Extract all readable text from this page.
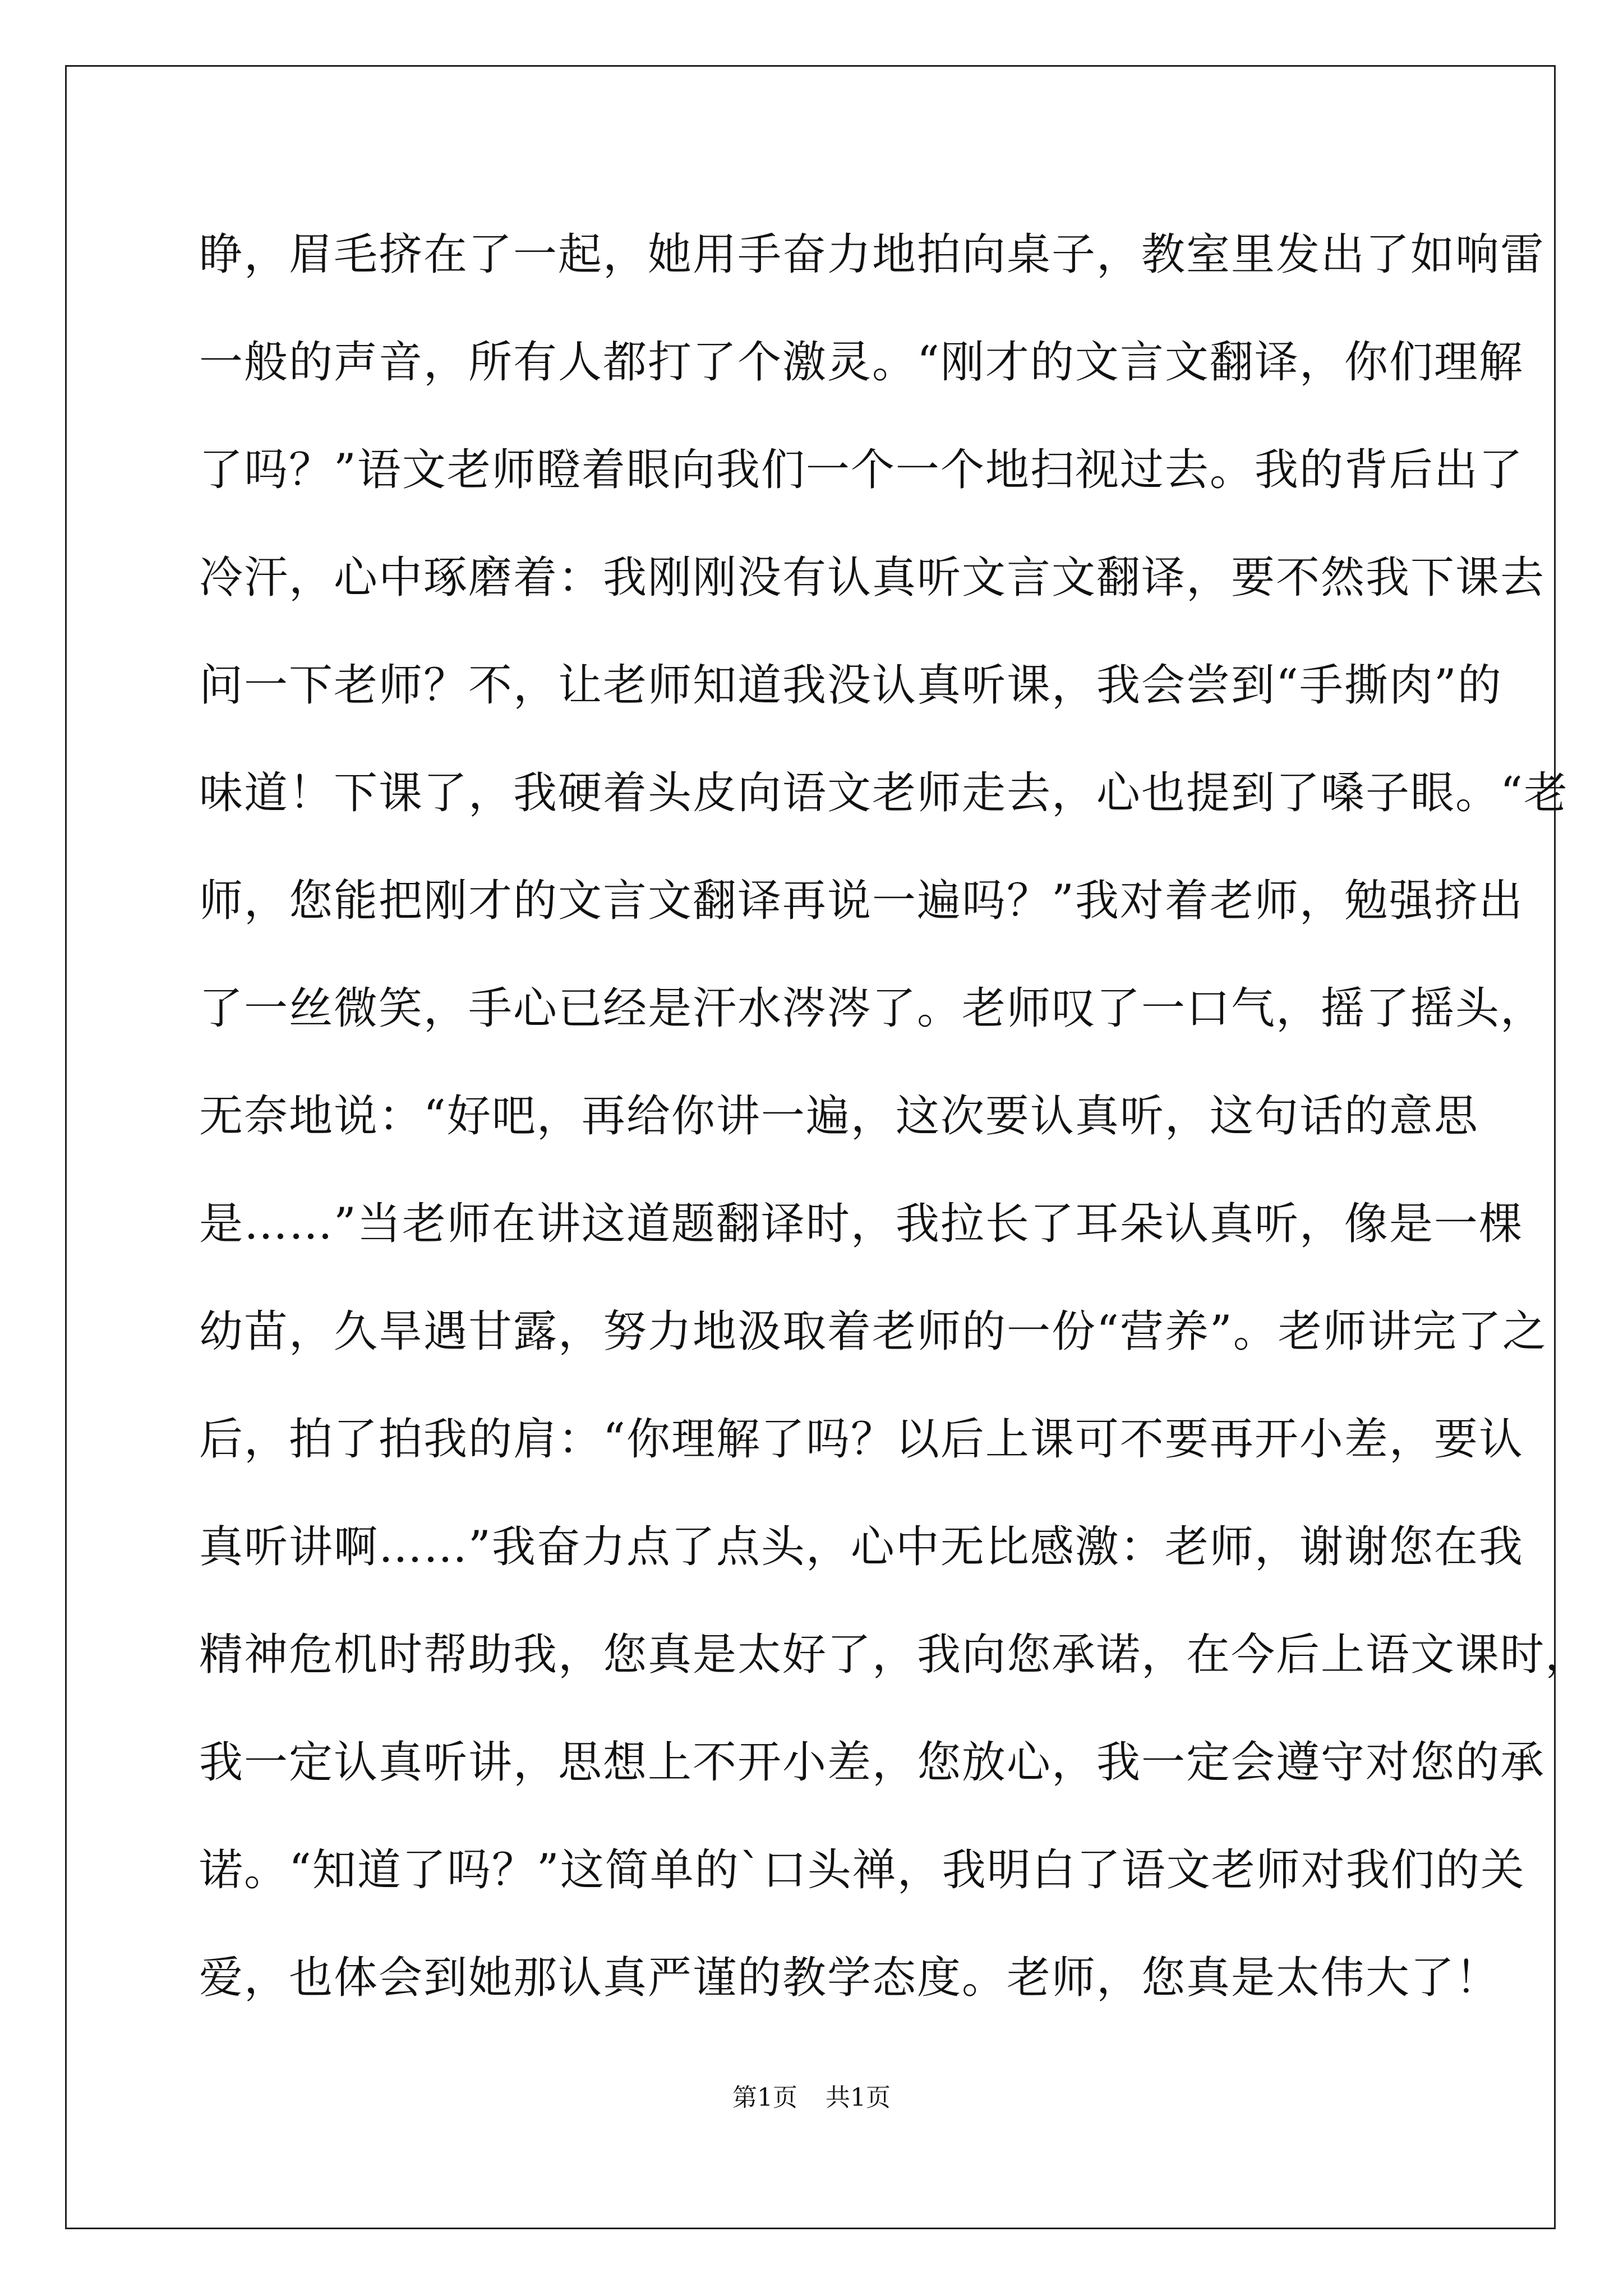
睁，眉毛挤在了一起，她用手奋力地拍向桌子，教室里发出了如响雷
一般的声音，所有人都打了个激灵。“刚才的文言文翻译，你们理解
了吗？”语文老师瞪着眼向我们一个一个地扫视过去。我的背后出了
冷汗，心中琢磨着：我刚刚没有认真听文言文翻译，要不然我下课去
问一下老师？不，让老师知道我没认真听课，我会尝到“手撕肉”的
味道！下课了，我硬着头皮向语文老师走去，心也提到了嗓子眼。“老
师，您能把刚才的文言文翻译再说一遍吗？”我对着老师，勉强挤出
了一丝微笑，手心已经是汗水涔涔了。老师叹了一口气，摇了摇头，
无奈地说：“好吧，再给你讲一遍，这次要认真听，这句话的意思
是……”当老师在讲这道题翻译时，我拉长了耳朵认真听，像是一棵
幼苗，久旱遇甘露，努力地汲取着老师的一份“营养”。老师讲完了之
后，拍了拍我的肩：“你理解了吗？以后上课可不要再开小差，要认
真听讲啊……”我奋力点了点头，心中无比感激：老师，谢谢您在我
精神危机时帮助我，您真是太好了，我向您承诺，在今后上语文课时，
我一定认真听讲，思想上不开小差，您放心，我一定会遵守对您的承
诺。“知道了吗？”这简单的`口头禅，我明白了语文老师对我们的关
爱，也体会到她那认真严谨的教学态度。老师，您真是太伟大了！
第1页 共1页
